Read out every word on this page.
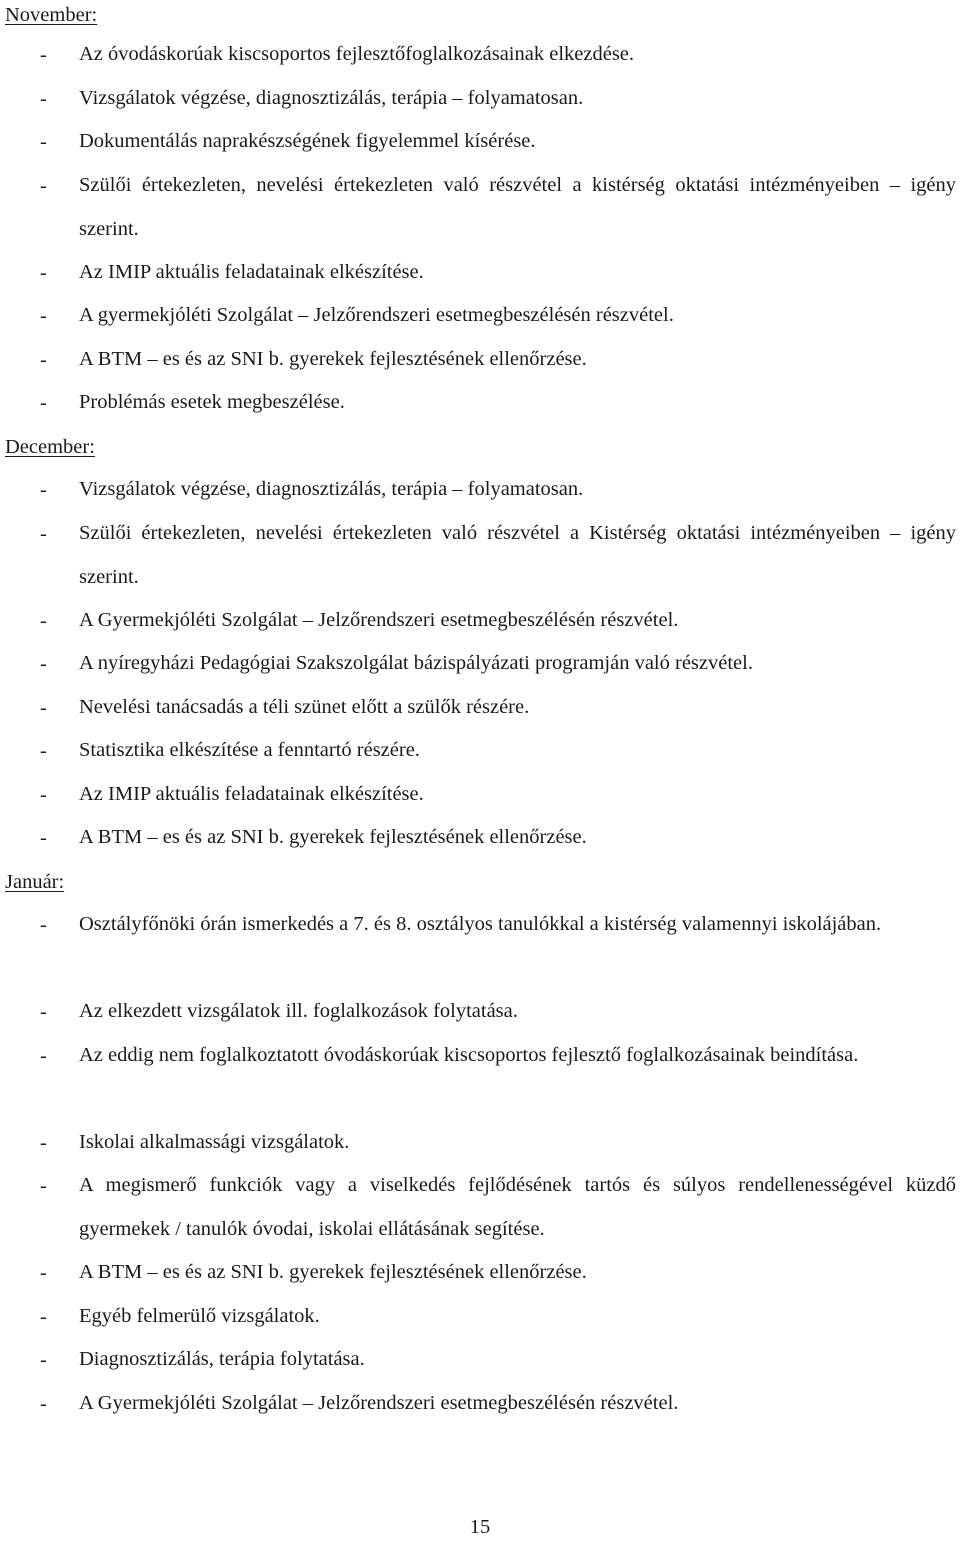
November:
- Az óvodáskorúak kiscsoportos fejlesztőfoglalkozásainak elkezdése.
- Vizsgálatok végzése, diagnosztizálás, terápia – folyamatosan.
- Dokumentálás naprakészségének figyelemmel kísérése.
- Szülői értekezleten, nevelési értekezleten való részvétel a kistérség oktatási intézményeiben – igény szerint.
- Az IMIP aktuális feladatainak elkészítése.
- A gyermekjóléti Szolgálat – Jelzőrendszeri esetmegbeszélésén részvétel.
- A BTM – es és az SNI b. gyerekek fejlesztésének ellenőrzése.
- Problémás esetek megbeszélése.
December:
- Vizsgálatok végzése, diagnosztizálás, terápia – folyamatosan.
- Szülői értekezleten, nevelési értekezleten való részvétel a Kistérség oktatási intézményeiben – igény szerint.
- A Gyermekjóléti Szolgálat – Jelzőrendszeri esetmegbeszélésén részvétel.
- A nyíregyházi Pedagógiai Szakszolgálat bázispályázati programján való részvétel.
- Nevelési tanácsadás a téli szünet előtt a szülők részére.
- Statisztika elkészítése a fenntartó részére.
- Az IMIP aktuális feladatainak elkészítése.
- A BTM – es és az SNI b. gyerekek fejlesztésének ellenőrzése.
Január:
- Osztályfőnöki órán ismerkedés a 7. és 8. osztályos tanulókkal a kistérség valamennyi iskolájában.
- Az elkezdett vizsgálatok ill. foglalkozások folytatása.
- Az eddig nem foglalkoztatott óvodáskorúak kiscsoportos fejlesztő foglalkozásainak beindítása.
- Iskolai alkalmassági vizsgálatok.
- A megismerő funkciók vagy a viselkedés fejlődésének tartós és súlyos rendellenességével küzdő gyermekek / tanulók óvodai, iskolai ellátásának segítése.
- A BTM – es és az SNI b. gyerekek fejlesztésének ellenőrzése.
- Egyéb felmerülő vizsgálatok.
- Diagnosztizálás, terápia folytatása.
- A Gyermekjóléti Szolgálat – Jelzőrendszeri esetmegbeszélésén részvétel.
15
